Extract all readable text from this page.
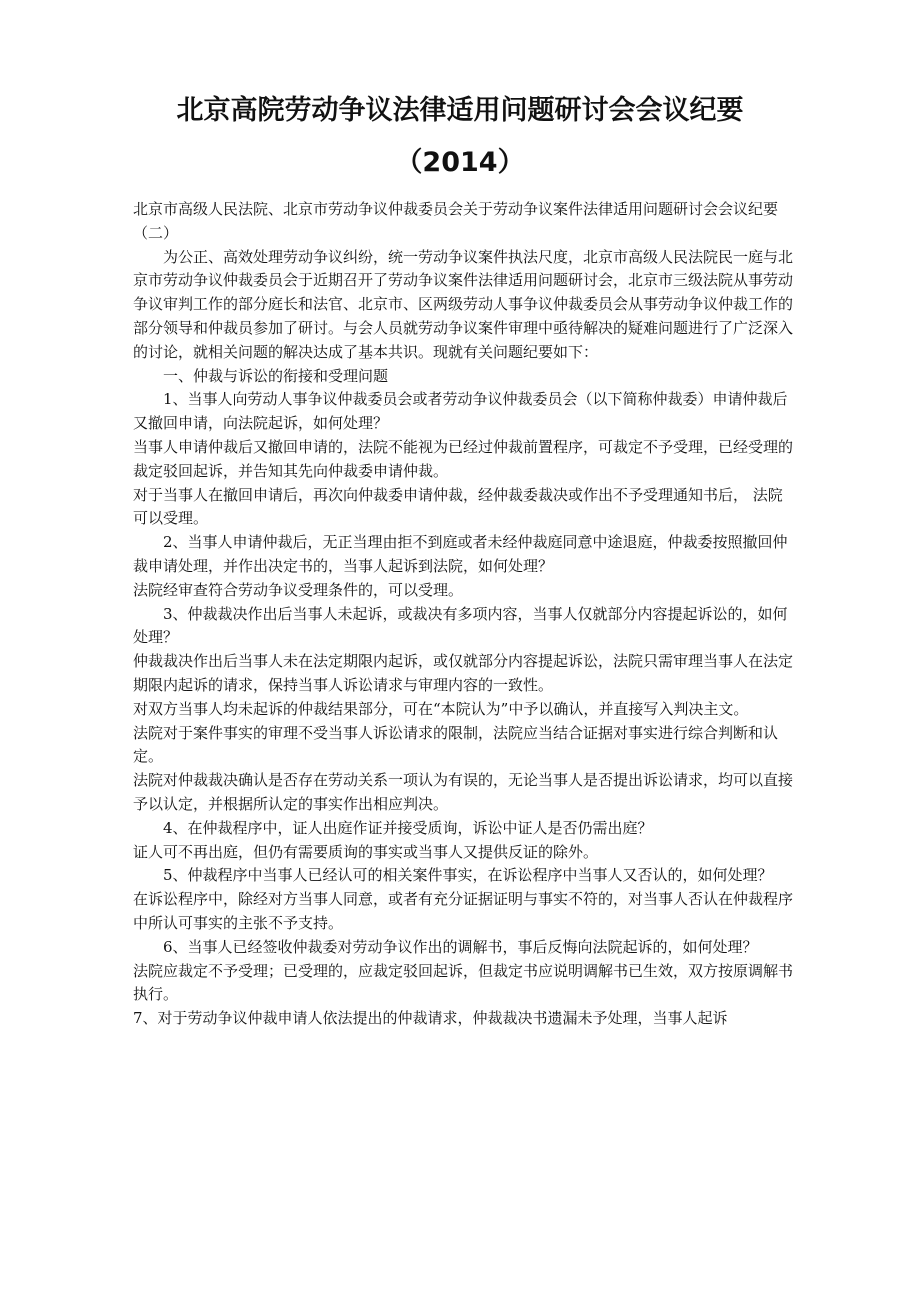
北京高院劳动争议法律适用问题研讨会会议纪要
（2014）

北京市高级人民法院、北京市劳动争议仲裁委员会关于劳动争议案件法律适用问题研讨会会议纪要（二）

为公正、高效处理劳动争议纠纷，统一劳动争议案件执法尺度，北京市高级人民法院民一庭与北京市劳动争议仲裁委员会于近期召开了劳动争议案件法律适用问题研讨会，北京市三级法院从事劳动争议审判工作的部分庭长和法官、北京市、区两级劳动人事争议仲裁委员会从事劳动争议仲裁工作的部分领导和仲裁员参加了研讨。与会人员就劳动争议案件审理中亟待解决的疑难问题进行了广泛深入的讨论，就相关问题的解决达成了基本共识。现就有关问题纪要如下：

一、仲裁与诉讼的衔接和受理问题

1、当事人向劳动人事争议仲裁委员会或者劳动争议仲裁委员会（以下简称仲裁委）申请仲裁后又撤回申请，向法院起诉，如何处理？

当事人申请仲裁后又撤回申请的，法院不能视为已经过仲裁前置程序，可裁定不予受理，已经受理的裁定驳回起诉，并告知其先向仲裁委申请仲裁。

对于当事人在撤回申请后，再次向仲裁委申请仲裁，经仲裁委裁决或作出不予受理通知书后， 法院可以受理。

2、当事人申请仲裁后，无正当理由拒不到庭或者未经仲裁庭同意中途退庭，仲裁委按照撤回仲裁申请处理，并作出决定书的，当事人起诉到法院，如何处理？

法院经审查符合劳动争议受理条件的，可以受理。

3、仲裁裁决作出后当事人未起诉，或裁决有多项内容，当事人仅就部分内容提起诉讼的，如何处理？

仲裁裁决作出后当事人未在法定期限内起诉，或仅就部分内容提起诉讼，法院只需审理当事人在法定期限内起诉的请求，保持当事人诉讼请求与审理内容的一致性。

对双方当事人均未起诉的仲裁结果部分，可在“本院认为”中予以确认，并直接写入判决主文。

法院对于案件事实的审理不受当事人诉讼请求的限制，法院应当结合证据对事实进行综合判断和认定。

法院对仲裁裁决确认是否存在劳动关系一项认为有误的，无论当事人是否提出诉讼请求，均可以直接予以认定，并根据所认定的事实作出相应判决。

4、在仲裁程序中，证人出庭作证并接受质询，诉讼中证人是否仍需出庭？

证人可不再出庭，但仍有需要质询的事实或当事人又提供反证的除外。

5、仲裁程序中当事人已经认可的相关案件事实，在诉讼程序中当事人又否认的，如何处理？

在诉讼程序中，除经对方当事人同意，或者有充分证据证明与事实不符的，对当事人否认在仲裁程序中所认可事实的主张不予支持。

6、当事人已经签收仲裁委对劳动争议作出的调解书，事后反悔向法院起诉的，如何处理？

法院应裁定不予受理；已受理的，应裁定驳回起诉，但裁定书应说明调解书已生效，双方按原调解书执行。

7、对于劳动争议仲裁申请人依法提出的仲裁请求，仲裁裁决书遗漏未予处理，当事人起诉
